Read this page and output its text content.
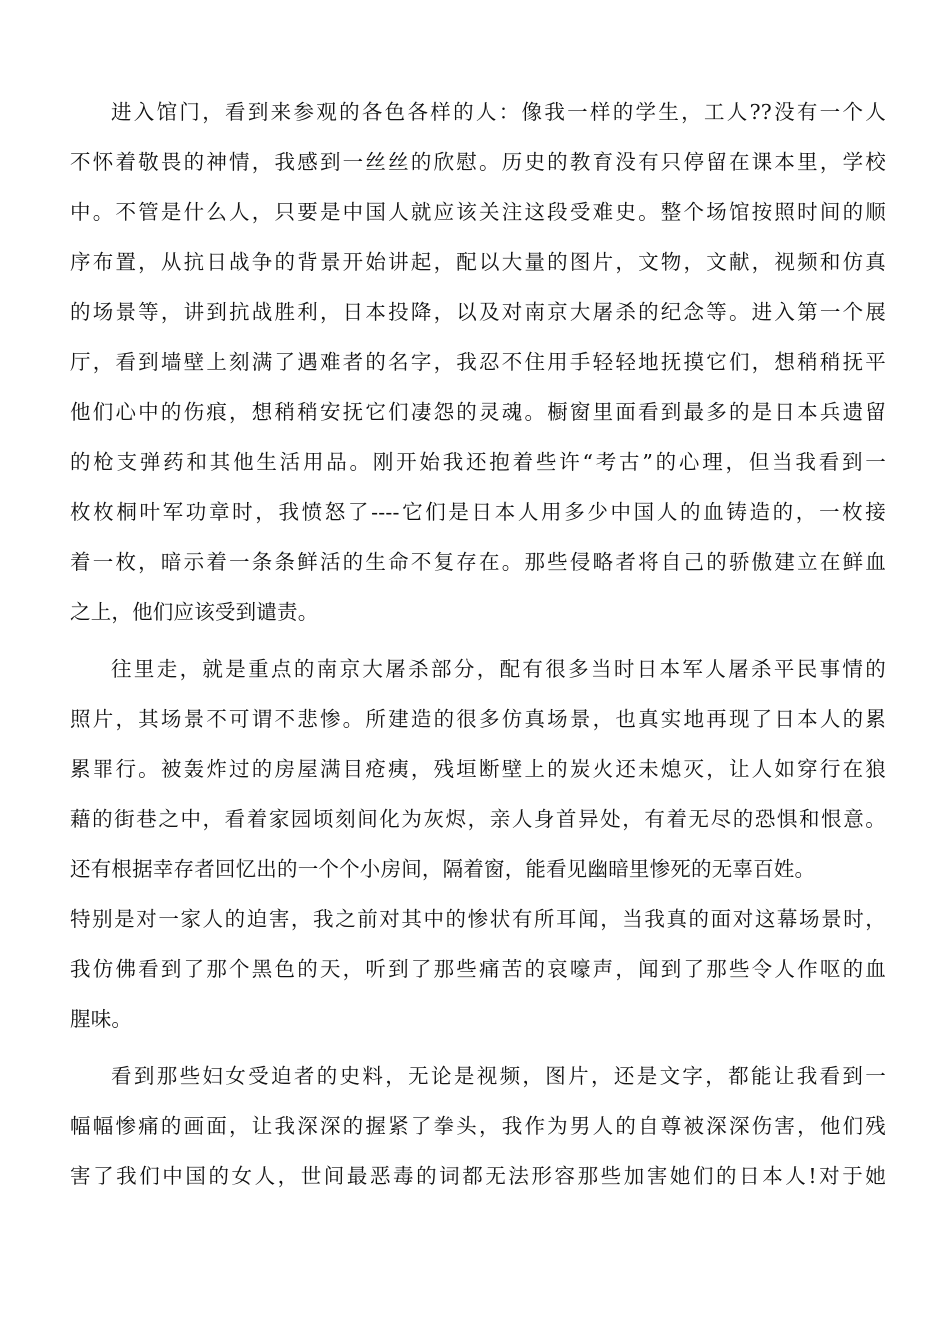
进入馆门，看到来参观的各色各样的人：像我一样的学生，工人??没有一个人
不怀着敬畏的神情，我感到一丝丝的欣慰。历史的教育没有只停留在课本里，学校
中。不管是什么人，只要是中国人就应该关注这段受难史。整个场馆按照时间的顺
序布置，从抗日战争的背景开始讲起，配以大量的图片，文物，文献，视频和仿真
的场景等，讲到抗战胜利，日本投降，以及对南京大屠杀的纪念等。进入第一个展
厅，看到墙壁上刻满了遇难者的名字，我忍不住用手轻轻地抚摸它们，想稍稍抚平
他们心中的伤痕，想稍稍安抚它们凄怨的灵魂。橱窗里面看到最多的是日本兵遗留
的枪支弹药和其他生活用品。刚开始我还抱着些许“考古”的心理，但当我看到一
枚枚桐叶军功章时，我愤怒了----它们是日本人用多少中国人的血铸造的，一枚接
着一枚，暗示着一条条鲜活的生命不复存在。那些侵略者将自己的骄傲建立在鲜血
之上，他们应该受到谴责。
往里走，就是重点的南京大屠杀部分，配有很多当时日本军人屠杀平民事情的
照片，其场景不可谓不悲惨。所建造的很多仿真场景，也真实地再现了日本人的累
累罪行。被轰炸过的房屋满目疮痍，残垣断壁上的炭火还未熄灭，让人如穿行在狼
藉的街巷之中，看着家园顷刻间化为灰烬，亲人身首异处，有着无尽的恐惧和恨意。
还有根据幸存者回忆出的一个个小房间，隔着窗，能看见幽暗里惨死的无辜百姓。
特别是对一家人的迫害，我之前对其中的惨状有所耳闻，当我真的面对这幕场景时，
我仿佛看到了那个黑色的天，听到了那些痛苦的哀嚎声，闻到了那些令人作呕的血
腥味。
看到那些妇女受迫者的史料，无论是视频，图片，还是文字，都能让我看到一
幅幅惨痛的画面，让我深深的握紧了拳头，我作为男人的自尊被深深伤害，他们残
害了我们中国的女人，世间最恶毒的词都无法形容那些加害她们的日本人!对于她
